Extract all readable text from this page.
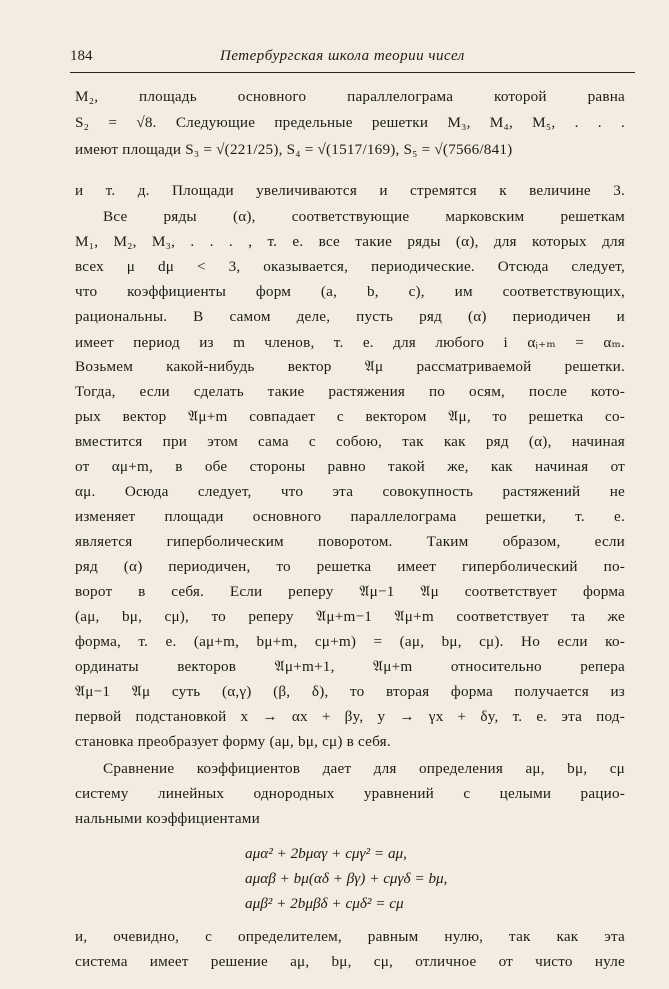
184	Петербургская школа теории чисел
M₂, площадь основного параллелограма которой равна
S₂ = √8. Следующие предельные решетки M₃, M₄, M₅, . . .
имеют площади S₃ = √(221/25), S₄ = √(1517/169), S₅ = √(7566/841)
и т. д. Площади увеличиваются и стремятся к величине 3.
Все ряды (α), соответствующие марковским решеткам
M₁, M₂, M₃, . . . , т. е. все такие ряды (α), для которых для
всех μ dμ < 3, оказывается, периодические. Отсюда следует,
что коэффициенты форм (a, b, c), им соответствующих,
рациональны. В самом деле, пусть ряд (α) периодичен и
имеет период из m членов, т. е. для любого i αᵢ₊ₘ = αₘ.
Возьмем какой-нибудь вектор 𝔄μ рассматриваемой решетки.
Тогда, если сделать такие растяжения по осям, после кото-
рых вектор 𝔄μ+m совпадает с вектором 𝔄μ, то решетка со-
вместится при этом сама с собою, так как ряд (α), начиная
от αμ+m, в обе стороны равно такой же, как начиная от
αμ. Осюда следует, что эта совокупность растяжений не
изменяет площади основного параллелограма решетки, т. е.
является гиперболическим поворотом. Таким образом, если
ряд (α) периодичен, то решетка имеет гиперболический по-
ворот в себя. Если реперу 𝔄μ−1 𝔄μ соответствует форма
(aμ, bμ, cμ), то реперу 𝔄μ+m−1 𝔄μ+m соответствует та же
форма, т. е. (aμ+m, bμ+m, cμ+m) = (aμ, bμ, cμ). Но если ко-
ординаты векторов 𝔄μ+m+1, 𝔄μ+m относительно репера
𝔄μ−1 𝔄μ суть (α,γ) (β, δ), то вторая форма получается из
первой подстановкой x → αx + βy, y → γx + δy, т. е. эта под-
становка преобразует форму (aμ, bμ, cμ) в себя.
Сравнение коэффициентов дает для определения aμ, bμ, cμ
систему линейных однородных уравнений с целыми рацио-
нальными коэффициентами
aμα² + 2bμαγ + cμγ² = aμ,
aμαβ + bμ(αδ + βγ) + cμγδ = bμ,
aμβ² + 2bμβδ + cμδ² = cμ
и, очевидно, с определителем, равным нулю, так как эта
система имеет решение aμ, bμ, cμ, отличное от чисто нуле
